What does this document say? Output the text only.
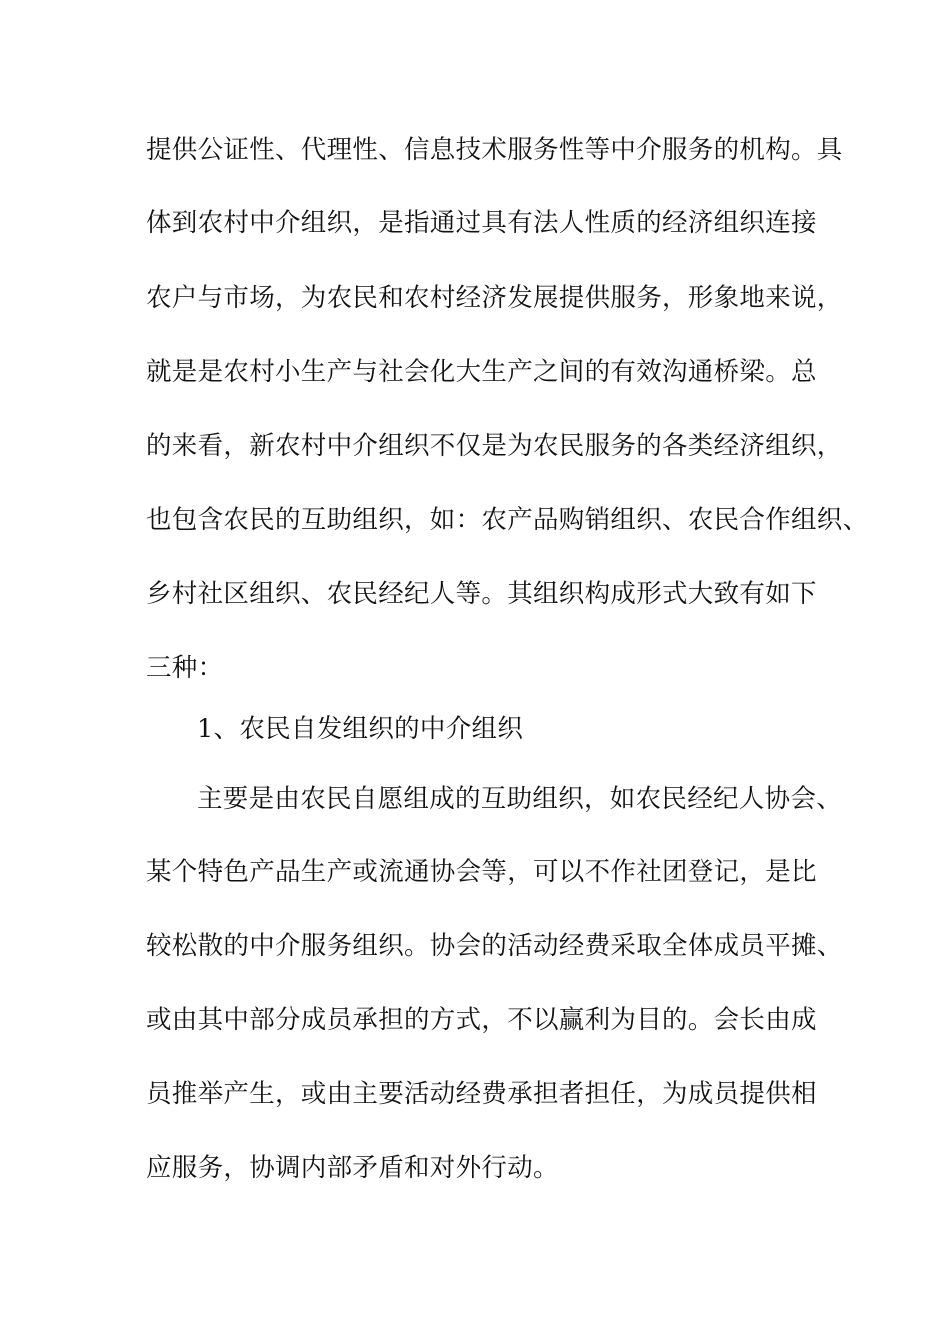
提供公证性、代理性、信息技术服务性等中介服务的机构。具
体到农村中介组织，是指通过具有法人性质的经济组织连接
农户与市场，为农民和农村经济发展提供服务，形象地来说，
就是是农村小生产与社会化大生产之间的有效沟通桥梁。总
的来看，新农村中介组织不仅是为农民服务的各类经济组织，
也包含农民的互助组织，如：农产品购销组织、农民合作组织、
乡村社区组织、农民经纪人等。其组织构成形式大致有如下
三种：
1、农民自发组织的中介组织
主要是由农民自愿组成的互助组织，如农民经纪人协会、
某个特色产品生产或流通协会等，可以不作社团登记，是比
较松散的中介服务组织。协会的活动经费采取全体成员平摊、
或由其中部分成员承担的方式，不以赢利为目的。会长由成
员推举产生，或由主要活动经费承担者担任，为成员提供相
应服务，协调内部矛盾和对外行动。
